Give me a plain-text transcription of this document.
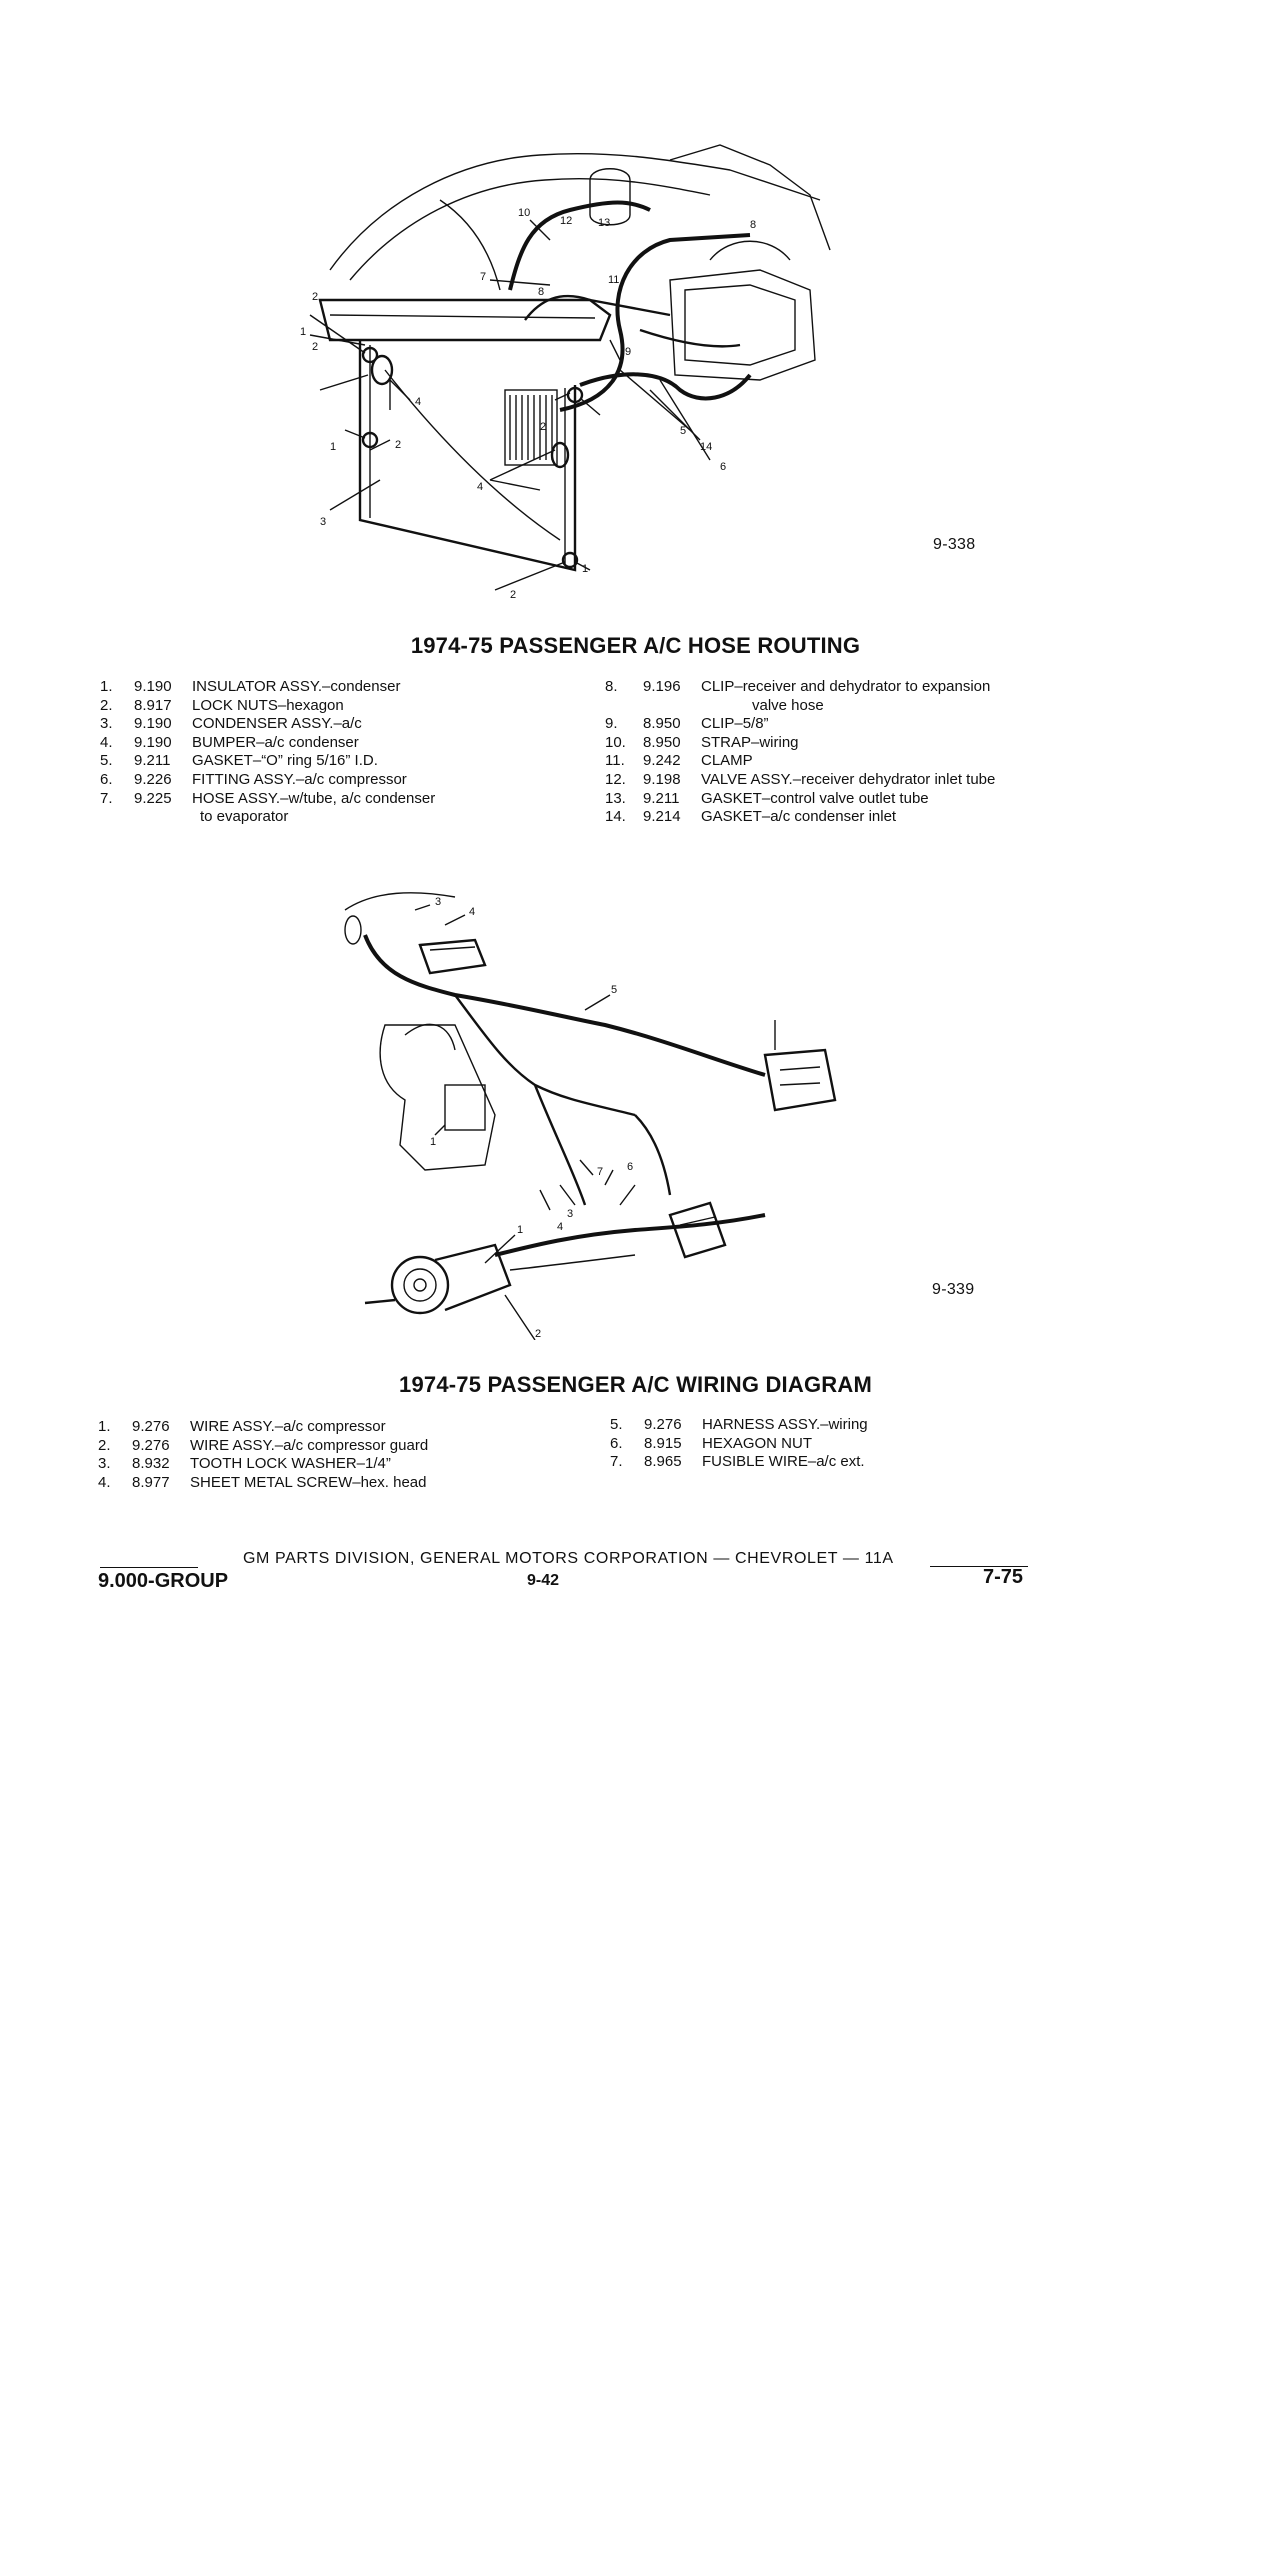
2
1
2
4
1	2
3
2
4
1
2
10
12 13
7
8
11
9
8
5
14
6
9-338
1974-75 PASSENGER A/C HOSE ROUTING
1.	9.190	INSULATOR ASSY.–condenser
2.	8.917	LOCK NUTS–hexagon
3.	9.190	CONDENSER ASSY.–a/c
4.	9.190	BUMPER–a/c condenser
5.	9.211	GASKET–“O” ring 5/16” I.D.
6.	9.226	FITTING ASSY.–a/c compressor
7.	9.225	HOSE ASSY.–w/tube, a/c condenser
to evaporator
8.	9.196	CLIP–receiver and dehydrator to expansion
valve hose
9.	8.950	CLIP–5/8”
10.	8.950	STRAP–wiring
11.	9.242	CLAMP
12.	9.198	VALVE ASSY.–receiver dehydrator inlet tube
13.	9.211	GASKET–control valve outlet tube
14.	9.214	GASKET–a/c condenser inlet
3
4
5
1
7 6
3
4
1
2
9-339
1974-75 PASSENGER A/C WIRING DIAGRAM
1.	9.276	WIRE ASSY.–a/c compressor
2.	9.276	WIRE ASSY.–a/c compressor guard
3.	8.932	TOOTH LOCK WASHER–1/4”
4.	8.977	SHEET METAL SCREW–hex. head
5.	9.276	HARNESS ASSY.–wiring
6.	8.915	HEXAGON NUT
7.	8.965	FUSIBLE WIRE–a/c ext.
GM PARTS DIVISION, GENERAL MOTORS CORPORATION — CHEVROLET — 11A
9.000-GROUP	9-42	7-75
